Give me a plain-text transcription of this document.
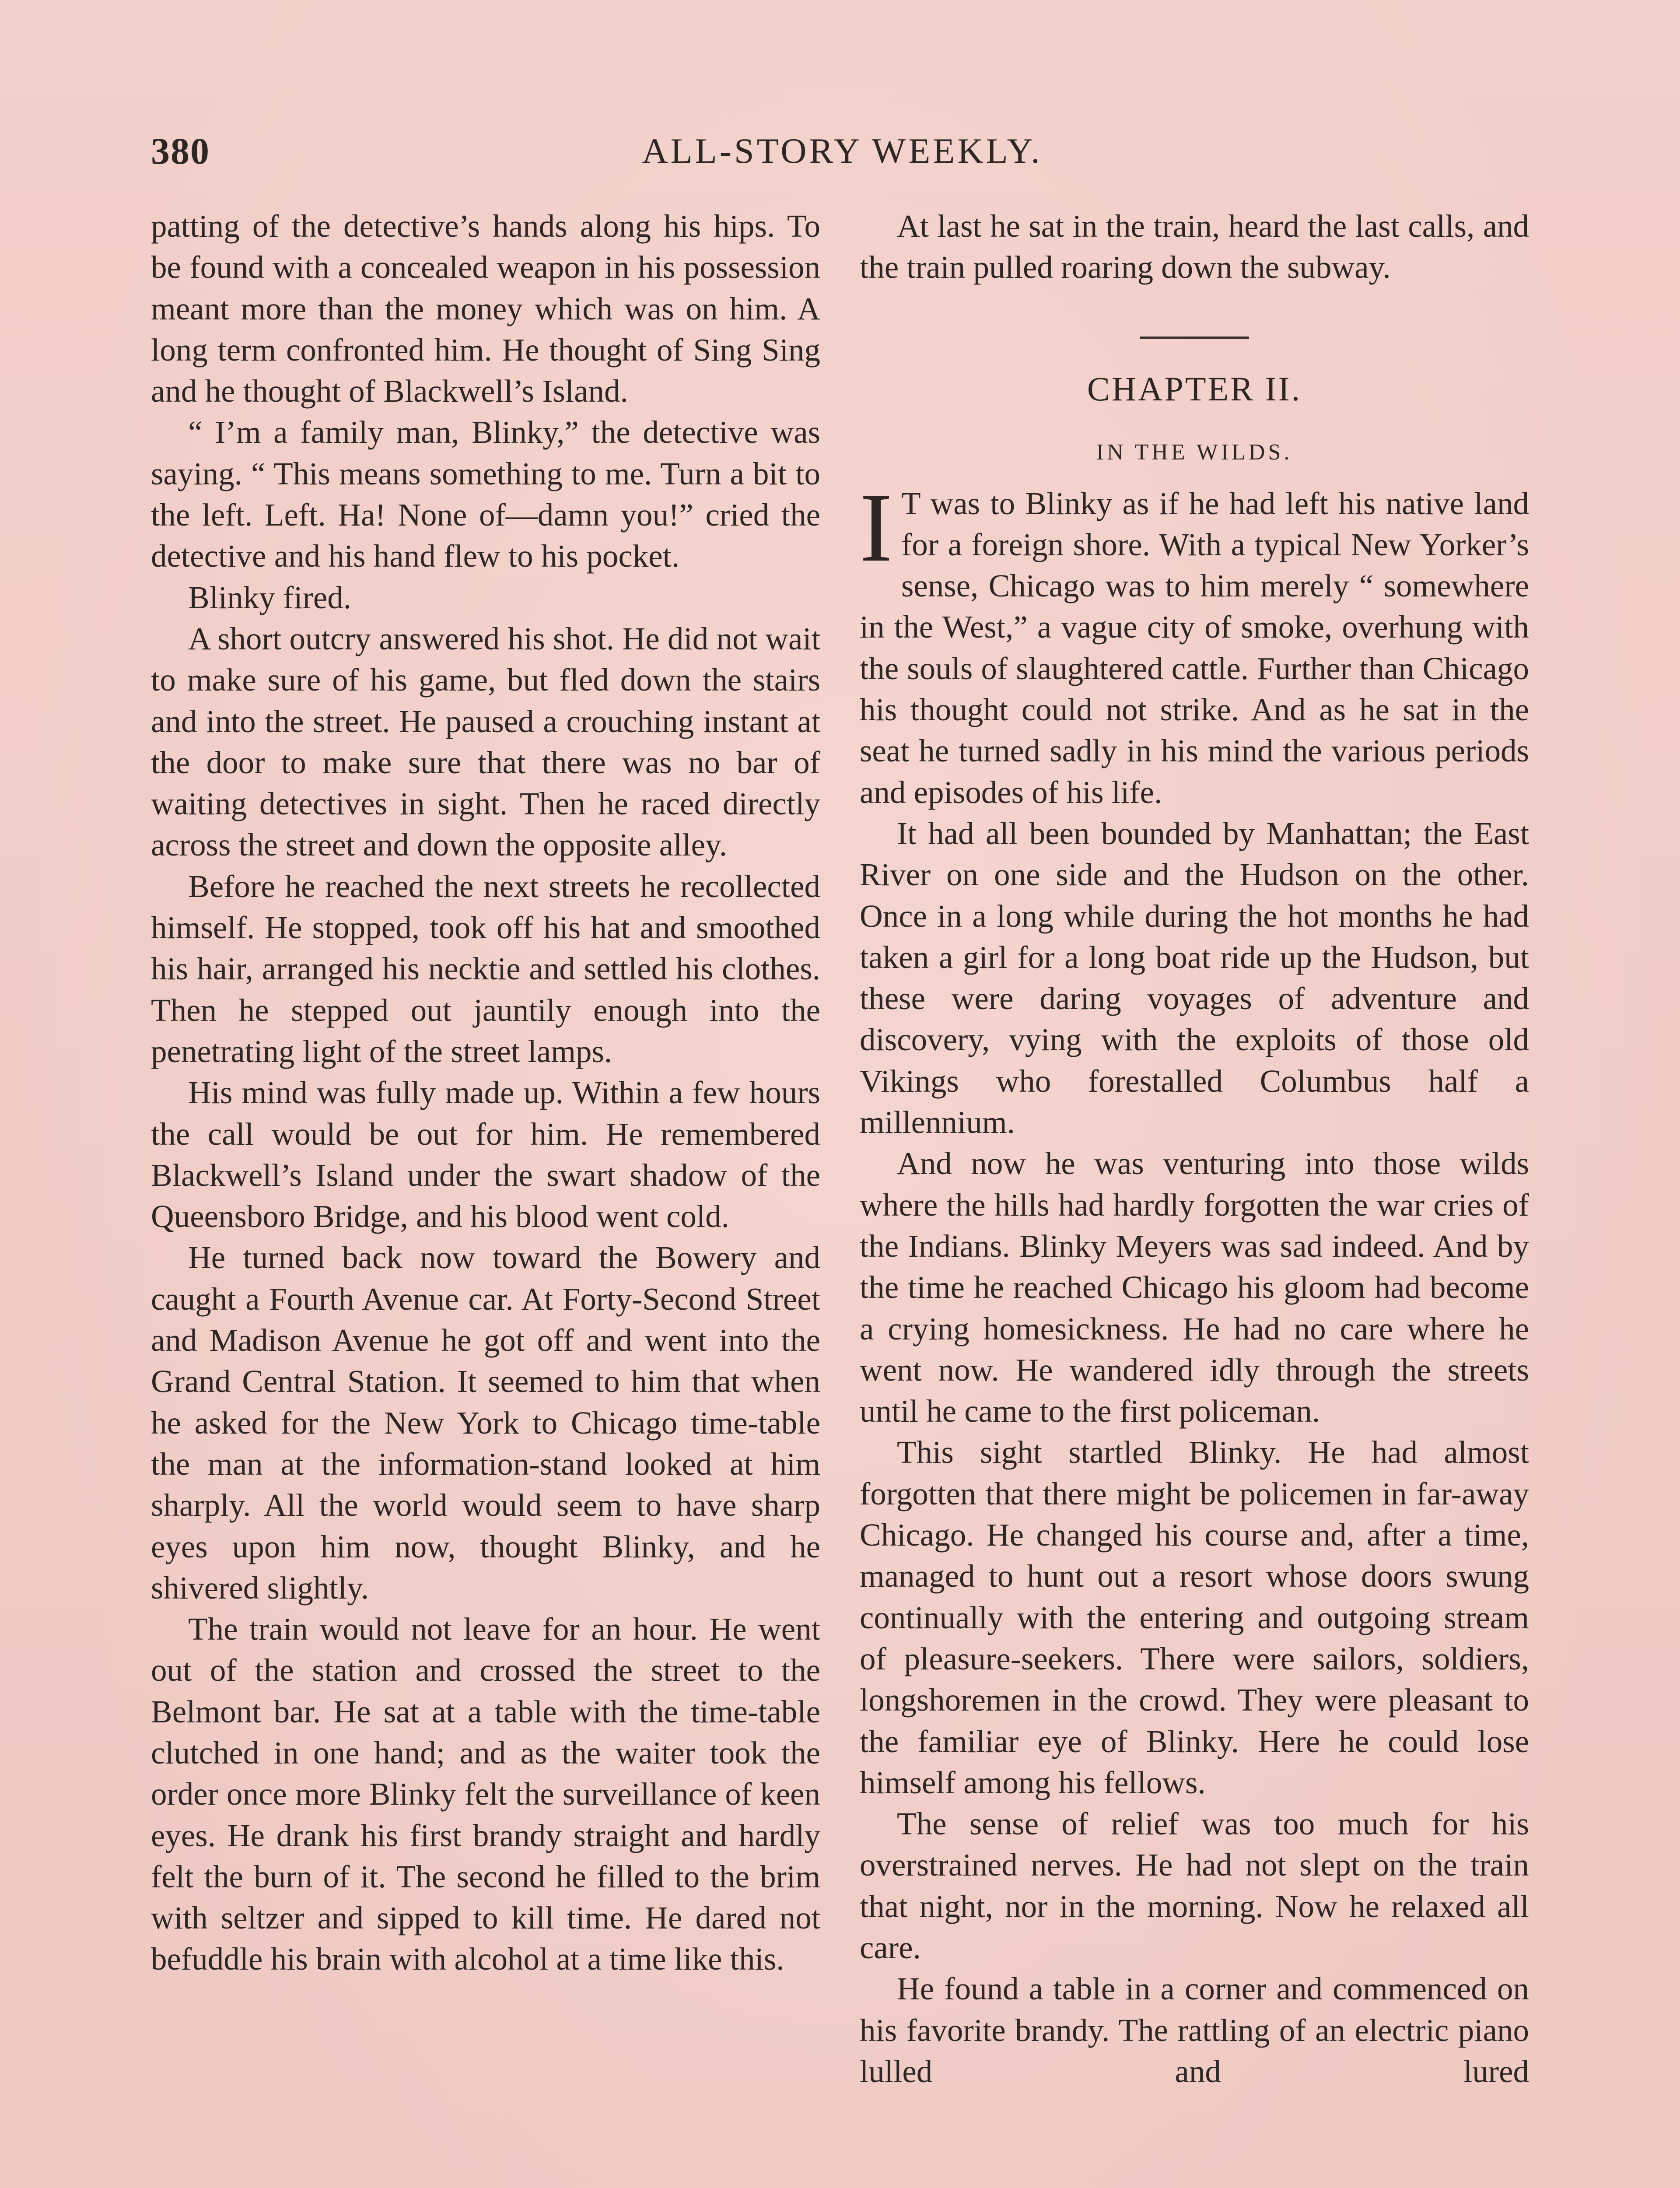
380	ALL-STORY WEEKLY.

patting of the detective’s hands along his hips. To be found with a concealed weapon in his possession meant more than the money which was on him. A long term confronted him. He thought of Sing Sing and he thought of Blackwell’s Island.

“ I’m a family man, Blinky,” the detective was saying. “ This means something to me. Turn a bit to the left. Left. Ha! None of—damn you!” cried the detective and his hand flew to his pocket.

Blinky fired.

A short outcry answered his shot. He did not wait to make sure of his game, but fled down the stairs and into the street. He paused a crouching instant at the door to make sure that there was no bar of waiting detectives in sight. Then he raced directly across the street and down the opposite alley.

Before he reached the next streets he recollected himself. He stopped, took off his hat and smoothed his hair, arranged his necktie and settled his clothes. Then he stepped out jauntily enough into the penetrating light of the street lamps.

His mind was fully made up. Within a few hours the call would be out for him. He remembered Blackwell’s Island under the swart shadow of the Queensboro Bridge, and his blood went cold.

He turned back now toward the Bowery and caught a Fourth Avenue car. At Forty-Second Street and Madison Avenue he got off and went into the Grand Central Station. It seemed to him that when he asked for the New York to Chicago time-table the man at the information-stand looked at him sharply. All the world would seem to have sharp eyes upon him now, thought Blinky, and he shivered slightly.

The train would not leave for an hour. He went out of the station and crossed the street to the Belmont bar. He sat at a table with the time-table clutched in one hand; and as the waiter took the order once more Blinky felt the surveillance of keen eyes. He drank his first brandy straight and hardly felt the burn of it. The second he filled to the brim with seltzer and sipped to kill time. He dared not befuddle his brain with alcohol at a time like this.

At last he sat in the train, heard the last calls, and the train pulled roaring down the subway.

CHAPTER II.
IN THE WILDS.

I T was to Blinky as if he had left his native land for a foreign shore. With a typical New Yorker’s sense, Chicago was to him merely “ somewhere in the West,” a vague city of smoke, overhung with the souls of slaughtered cattle. Further than Chicago his thought could not strike. And as he sat in the seat he turned sadly in his mind the various periods and episodes of his life.

It had all been bounded by Manhattan; the East River on one side and the Hudson on the other. Once in a long while during the hot months he had taken a girl for a long boat ride up the Hudson, but these were daring voyages of adventure and discovery, vying with the exploits of those old Vikings who forestalled Columbus half a millennium.

And now he was venturing into those wilds where the hills had hardly forgotten the war cries of the Indians. Blinky Meyers was sad indeed. And by the time he reached Chicago his gloom had become a crying homesickness. He had no care where he went now. He wandered idly through the streets until he came to the first policeman.

This sight startled Blinky. He had almost forgotten that there might be policemen in far-away Chicago. He changed his course and, after a time, managed to hunt out a resort whose doors swung continually with the entering and outgoing stream of pleasure-seekers. There were sailors, soldiers, longshoremen in the crowd. They were pleasant to the familiar eye of Blinky. Here he could lose himself among his fellows.

The sense of relief was too much for his overstrained nerves. He had not slept on the train that night, nor in the morning. Now he relaxed all care.

He found a table in a corner and commenced on his favorite brandy. The rattling of an electric piano lulled and lured
